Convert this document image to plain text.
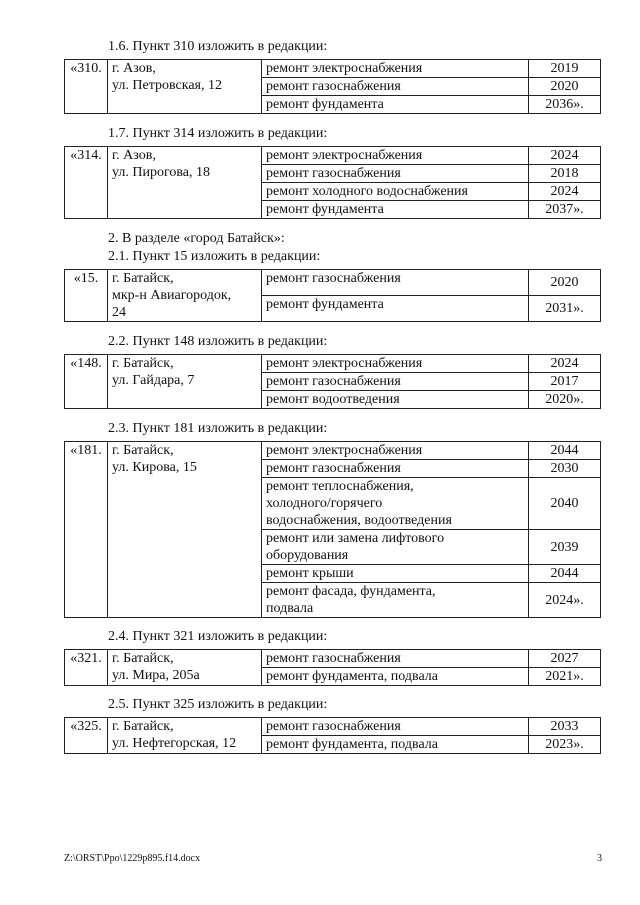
1.6. Пункт 310 изложить в редакции:
«310.	г. Азов,
ул. Петровская, 12	ремонт электроснабжения	2019
		ремонт газоснабжения	2020
		ремонт фундамента	2036».
1.7. Пункт 314 изложить в редакции:
«314.	г. Азов,
ул. Пирогова, 18	ремонт электроснабжения	2024
		ремонт газоснабжения	2018
		ремонт холодного водоснабжения	2024
		ремонт фундамента	2037».
2. В разделе «город Батайск»:
2.1. Пункт 15 изложить в редакции:
«15.	г. Батайск,
мкр-н Авиагородок,
24	ремонт газоснабжения	2020
		ремонт фундамента	2031».
2.2. Пункт 148 изложить в редакции:
«148.	г. Батайск,
ул. Гайдара, 7	ремонт электроснабжения	2024
		ремонт газоснабжения	2017
		ремонт водоотведения	2020».
2.3. Пункт 181 изложить в редакции:
«181.	г. Батайск,
ул. Кирова, 15	ремонт электроснабжения	2044
		ремонт газоснабжения	2030

		ремонт теплоснабжения,
холодного/горячего
водоснабжения, водоотведения	2040

		ремонт или замена лифтового
оборудования	2039
		ремонт крыши	2044

		ремонт фасада, фундамента,
подвала	2024».
2.4. Пункт 321 изложить в редакции:
«321.	г. Батайск,
ул. Мира, 205а	ремонт газоснабжения	2027
		ремонт фундамента, подвала	2021».
2.5. Пункт 325 изложить в редакции:
«325.	г. Батайск,
ул. Нефтегорская, 12	ремонт газоснабжения	2033
		ремонт фундамента, подвала	2023».
Z:\ORST\Ppo\1229p895.f14.docx	3
